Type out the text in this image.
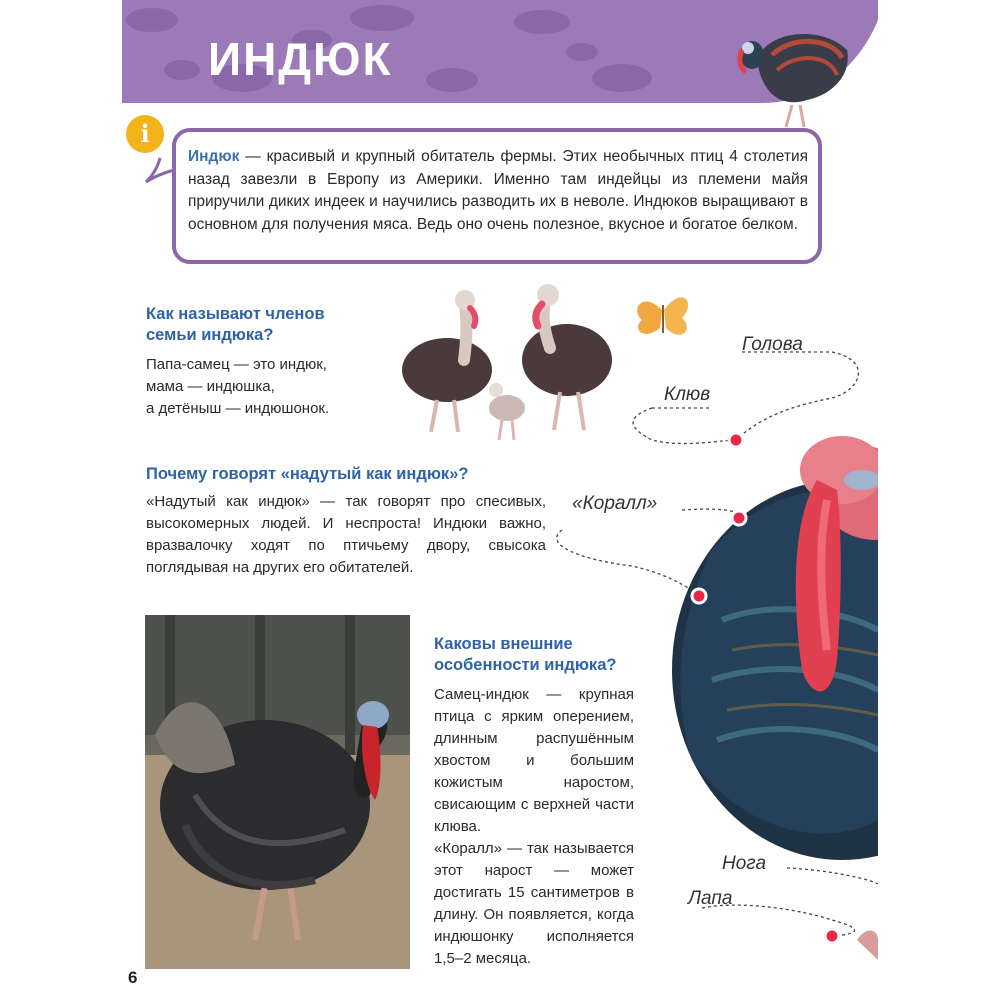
ИНДЮК
i
Индюк — красивый и крупный обитатель фермы. Этих необычных птиц 4 столетия назад завезли в Европу из Америки. Именно там индейцы из племени майя приручили диких индеек и научились разводить их в неволе. Индюков выращивают в основном для получения мяса. Ведь оно очень полезное, вкусное и богатое белком.
Как называют членов семьи индюка?
Папа-самец — это индюк,
мама — индюшка,
а детёныш — индюшонок.
Почему говорят «надутый как индюк»?
«Надутый как индюк» — так говорят про спесивых, высокомерных людей. И неспроста! Индюки важно, вразвалочку ходят по птичьему двору, свысока поглядывая на других его обитателей.
Каковы внешние особенности индюка?
Самец-индюк — крупная птица с ярким оперением, длинным распушённым хвостом и большим кожистым наростом, свисающим с верхней части клюва.
«Коралл» — так называется этот нарост — может достигать 15 сантиметров в длину. Он появляется, когда индюшонку исполняется 1,5–2 месяца.
Голова
Клюв
«Коралл»
Нога
Лапа
6
